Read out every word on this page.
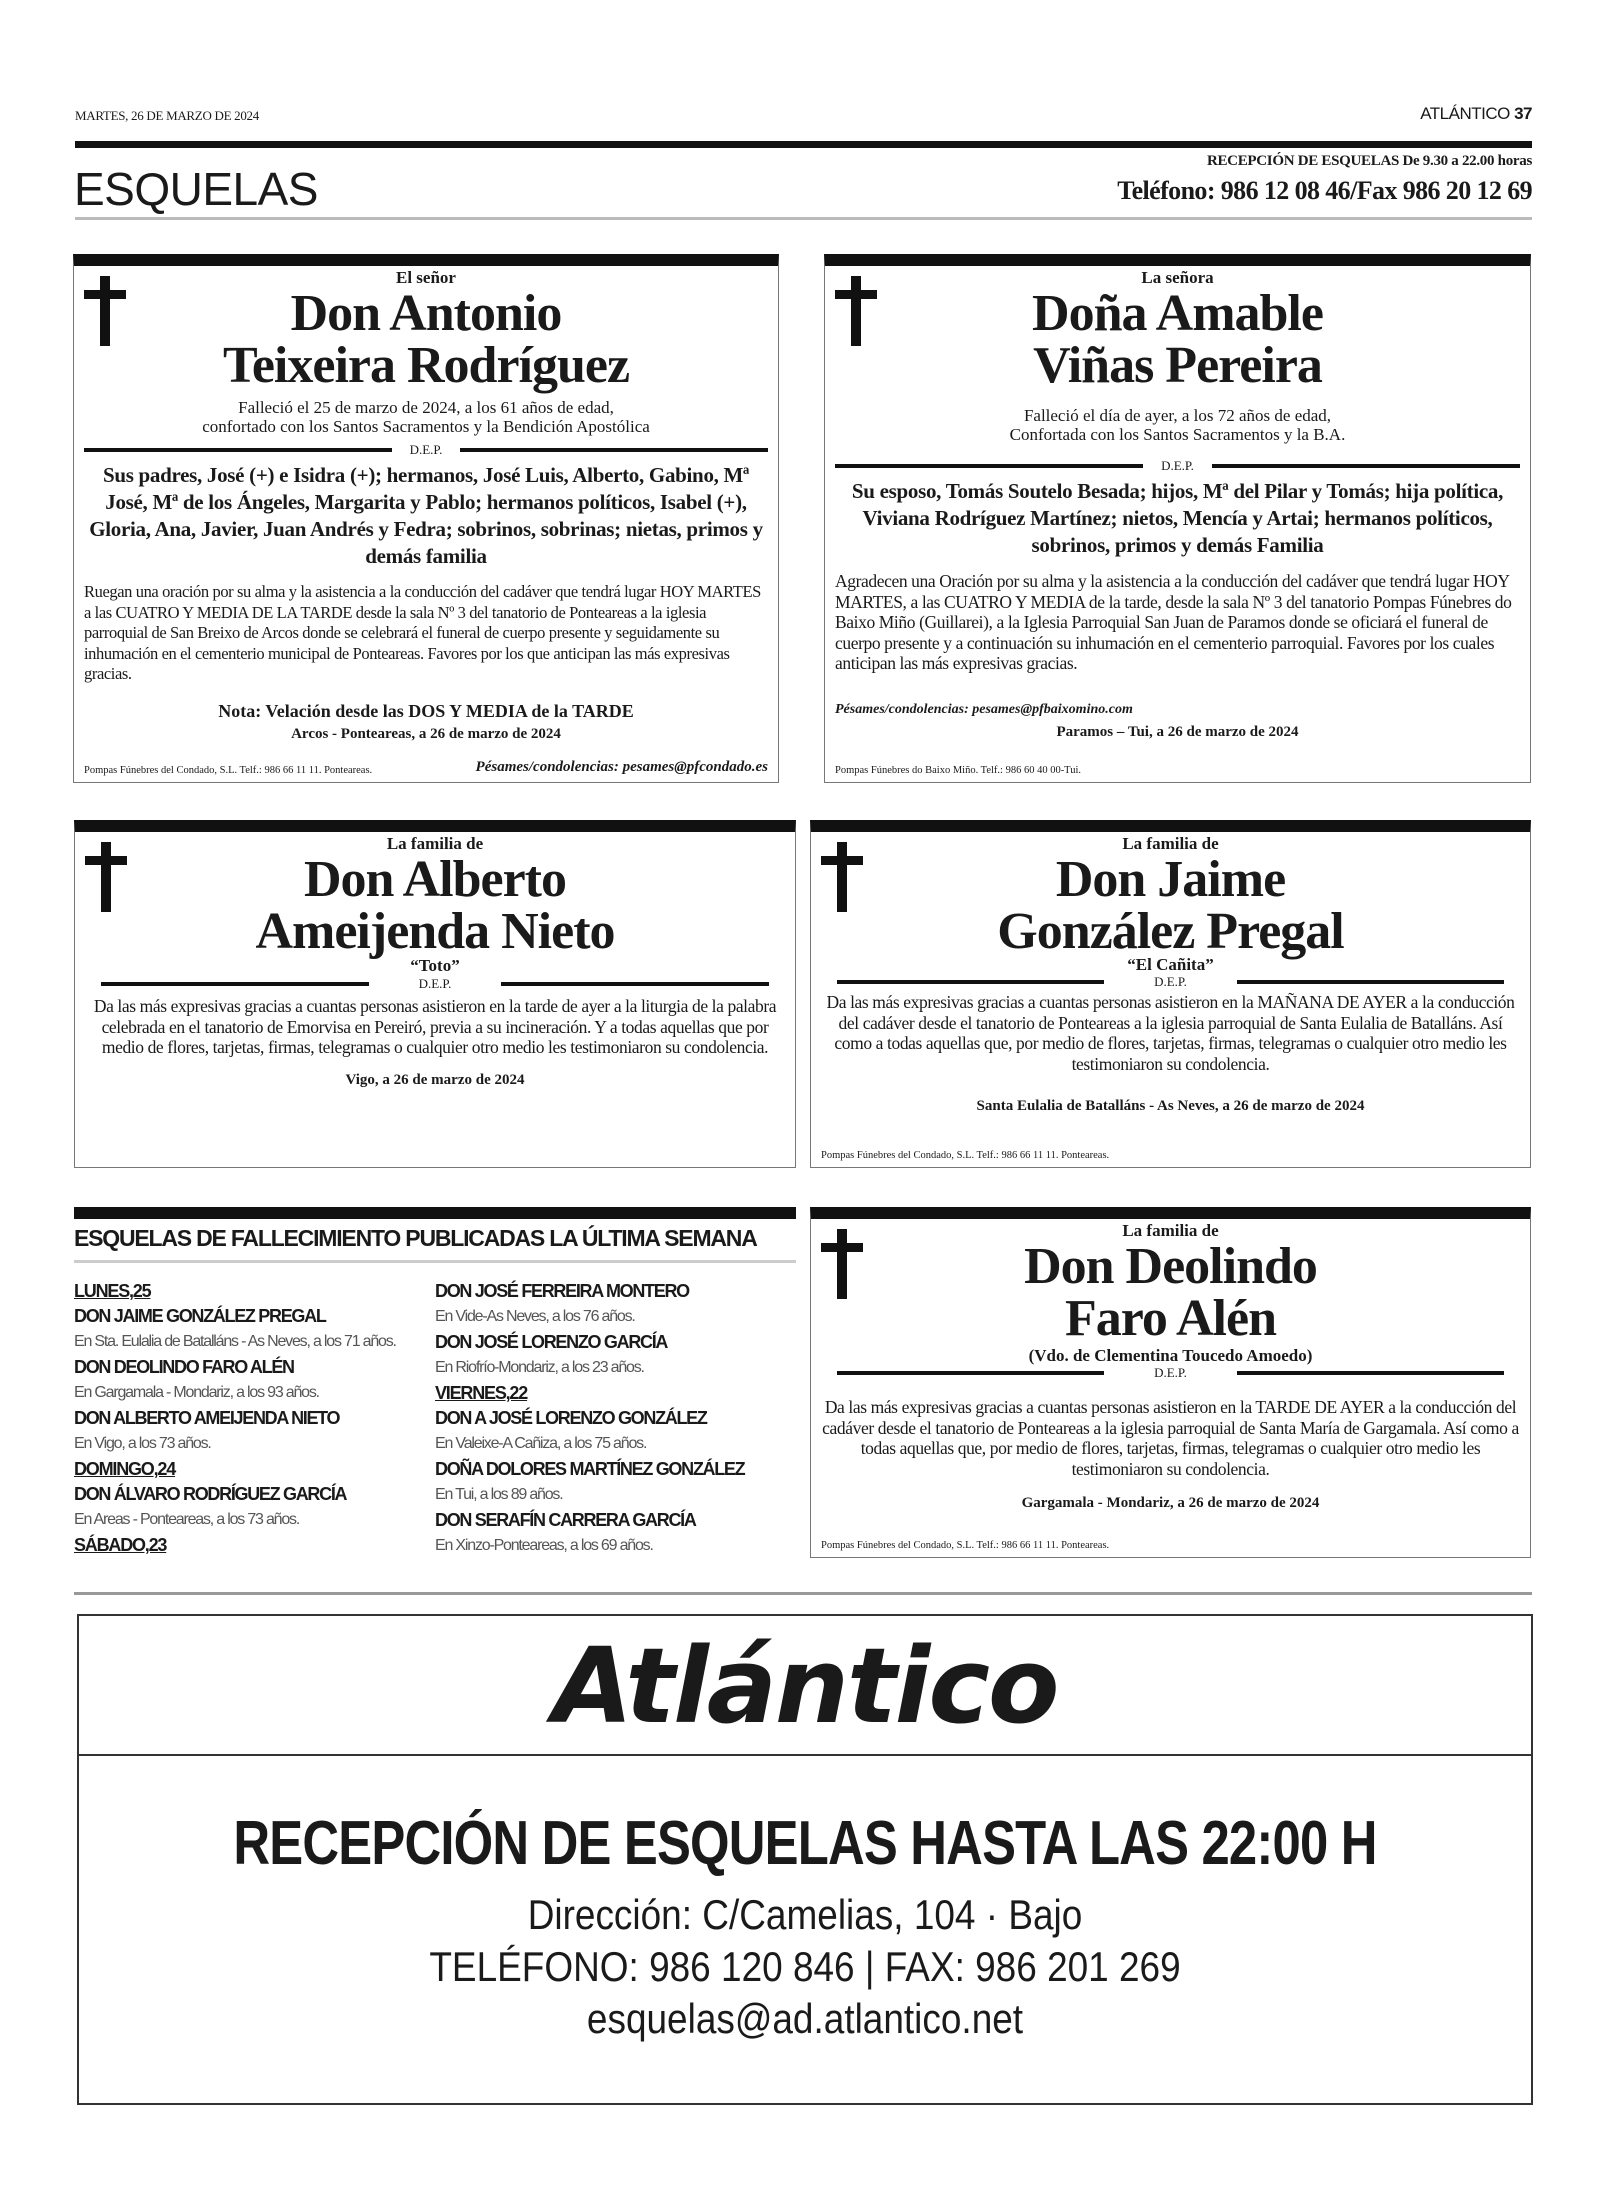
MARTES, 26 DE MARZO DE 2024	ATLÁNTICO 37
ESQUELAS
RECEPCIÓN DE ESQUELAS De 9.30 a 22.00 horas
Teléfono: 986 12 08 46/Fax 986 20 12 69
El señor
Don Antonio
Teixeira Rodríguez
Falleció el 25 de marzo de 2024, a los 61 años de edad,
confortado con los Santos Sacramentos y la Bendición Apostólica
D.E.P.
Sus padres, José (+) e Isidra (+); hermanos, José Luis, Alberto, Gabino, Mª José, Mª de los Ángeles, Margarita y Pablo; hermanos políticos, Isabel (+), Gloria, Ana, Javier, Juan Andrés y Fedra; sobrinos, sobrinas; nietas, primos y demás familia
Ruegan una oración por su alma y la asistencia a la conducción del cadáver que tendrá lugar HOY MARTES a las CUATRO Y MEDIA DE LA TARDE desde la sala Nº 3 del tanatorio de Ponteareas a la iglesia parroquial de San Breixo de Arcos donde se celebrará el funeral de cuerpo presente y seguidamente su inhumación en el cementerio municipal de Ponteareas. Favores por los que anticipan las más expresivas gracias.
Nota: Velación desde las DOS Y MEDIA de la TARDE
Arcos - Ponteareas, a 26 de marzo de 2024
Pompas Fúnebres del Condado, S.L. Telf.: 986 66 11 11. Ponteareas.	Pésames/condolencias: pesames@pfcondado.es
La señora
Doña Amable
Viñas Pereira
Falleció el día de ayer, a los 72 años de edad,
Confortada con los Santos Sacramentos y la B.A.
D.E.P.
Su esposo, Tomás Soutelo Besada; hijos, Mª del Pilar y Tomás; hija política, Viviana Rodríguez Martínez; nietos, Mencía y Artai; hermanos políticos, sobrinos, primos y demás Familia
Agradecen una Oración por su alma y la asistencia a la conducción del cadáver que tendrá lugar HOY MARTES, a las CUATRO Y MEDIA de la tarde, desde la sala Nº 3 del tanatorio Pompas Fúnebres do Baixo Miño (Guillarei), a la Iglesia Parroquial San Juan de Paramos donde se oficiará el funeral de cuerpo presente y a continuación su inhumación en el cementerio parroquial. Favores por los cuales anticipan las más expresivas gracias.
Pésames/condolencias: pesames@pfbaixomino.com
Paramos – Tui, a 26 de marzo de 2024
Pompas Fúnebres do Baixo Miño. Telf.: 986 60 40 00-Tui.
La familia de
Don Alberto
Ameijenda Nieto
“Toto”
D.E.P.
Da las más expresivas gracias a cuantas personas asistieron en la tarde de ayer a la liturgia de la palabra celebrada en el tanatorio de Emorvisa en Pereiró, previa a su incineración. Y a todas aquellas que por medio de flores, tarjetas, firmas, telegramas o cualquier otro medio les testimoniaron su condolencia.
Vigo, a 26 de marzo de 2024
La familia de
Don Jaime
González Pregal
“El Cañita”
D.E.P.
Da las más expresivas gracias a cuantas personas asistieron en la MAÑANA DE AYER a la conducción del cadáver desde el tanatorio de Ponteareas a la iglesia parroquial de Santa Eulalia de Batalláns. Así como a todas aquellas que, por medio de flores, tarjetas, firmas, telegramas o cualquier otro medio les testimoniaron su condolencia.
Santa Eulalia de Batalláns - As Neves, a 26 de marzo de 2024
Pompas Fúnebres del Condado, S.L. Telf.: 986 66 11 11. Ponteareas.
ESQUELAS DE FALLECIMIENTO PUBLICADAS LA ÚLTIMA SEMANA
LUNES,25
DON JAIME GONZÁLEZ PREGAL
En Sta. Eulalia de Batalláns - As Neves, a los 71 años.
DON DEOLINDO FARO ALÉN
En Gargamala - Mondariz, a los 93 años.
DON ALBERTO AMEIJENDA NIETO
En Vigo, a los 73 años.
DOMINGO,24
DON ÁLVARO RODRÍGUEZ GARCÍA
En Areas - Ponteareas, a los 73 años.
SÁBADO,23
DON JOSÉ FERREIRA MONTERO
En Vide-As Neves, a los 76 años.
DON JOSÉ LORENZO GARCÍA
En Riofrío-Mondariz, a los 23 años.
VIERNES,22
DON A JOSÉ LORENZO GONZÁLEZ
En Valeixe-A Cañiza, a los 75 años.
DOÑA DOLORES MARTÍNEZ GONZÁLEZ
En Tui, a los 89 años.
DON SERAFÍN CARRERA GARCÍA
En Xinzo-Ponteareas, a los 69 años.
La familia de
Don Deolindo
Faro Alén
(Vdo. de Clementina Toucedo Amoedo)
D.E.P.
Da las más expresivas gracias a cuantas personas asistieron en la TARDE DE AYER a la conducción del cadáver desde el tanatorio de Ponteareas a la iglesia parroquial de Santa María de Gargamala. Así como a todas aquellas que, por medio de flores, tarjetas, firmas, telegramas o cualquier otro medio les testimoniaron su condolencia.
Gargamala - Mondariz, a 26 de marzo de 2024
Pompas Fúnebres del Condado, S.L. Telf.: 986 66 11 11. Ponteareas.
Atlántico
RECEPCIÓN DE ESQUELAS HASTA LAS 22:00 H
Dirección: C/Camelias, 104 · Bajo
TELÉFONO: 986 120 846 | FAX: 986 201 269
esquelas@ad.atlantico.net
